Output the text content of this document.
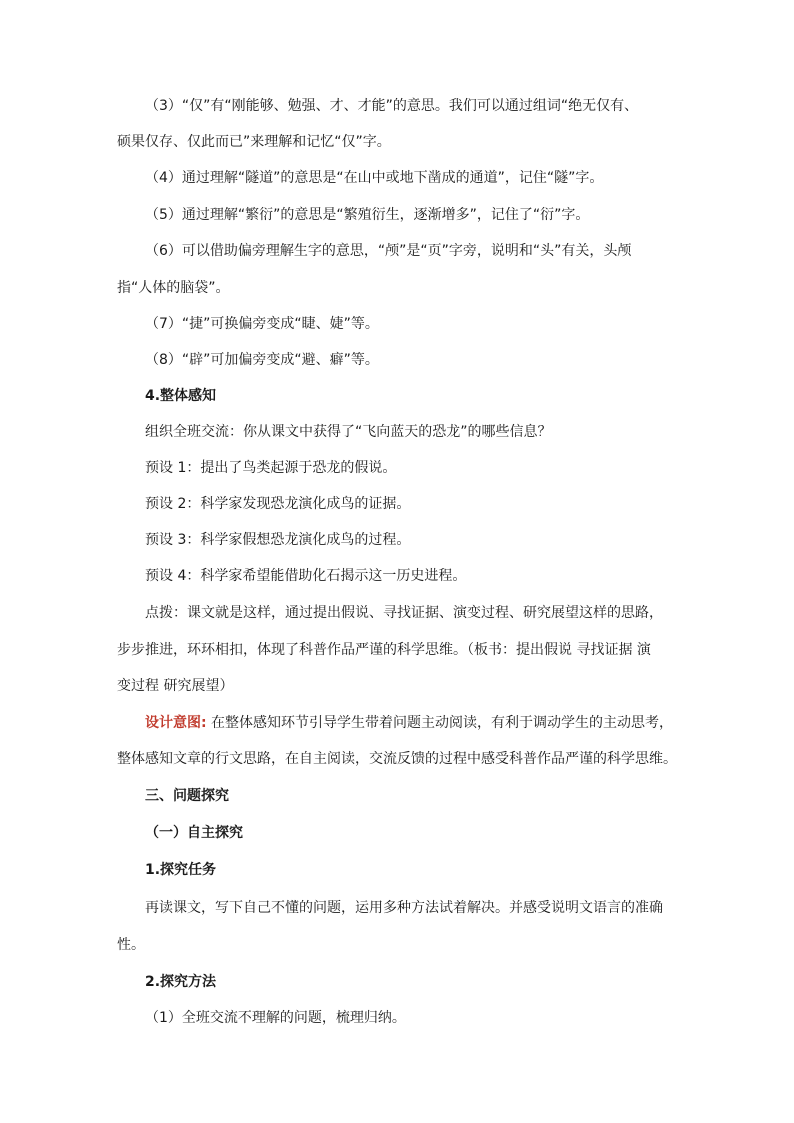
（3）“仅”有“刚能够、勉强、才、才能”的意思。我们可以通过组词“绝无仅有、
硕果仅存、仅此而已”来理解和记忆“仅”字。
（4）通过理解“隧道”的意思是“在山中或地下凿成的通道”，记住“隧”字。
（5）通过理解“繁衍”的意思是“繁殖衍生，逐渐增多”，记住了“衍”字。
（6）可以借助偏旁理解生字的意思，“颅”是“页”字旁，说明和“头”有关，头颅
指“人体的脑袋”。
（7）“捷”可换偏旁变成“睫、婕”等。
（8）“辟”可加偏旁变成“避、癖”等。
4.整体感知
组织全班交流：你从课文中获得了“飞向蓝天的恐龙”的哪些信息？
预设 1：提出了鸟类起源于恐龙的假说。
预设 2：科学家发现恐龙演化成鸟的证据。
预设 3：科学家假想恐龙演化成鸟的过程。
预设 4：科学家希望能借助化石揭示这一历史进程。
点拨：课文就是这样，通过提出假说、寻找证据、演变过程、研究展望这样的思路，
步步推进，环环相扣，体现了科普作品严谨的科学思维。（板书：提出假说 寻找证据 演
变过程 研究展望）
设计意图: 在整体感知环节引导学生带着问题主动阅读，有利于调动学生的主动思考，
整体感知文章的行文思路，在自主阅读，交流反馈的过程中感受科普作品严谨的科学思维。
三、问题探究
（一）自主探究
1.探究任务
再读课文，写下自己不懂的问题，运用多种方法试着解决。并感受说明文语言的准确
性。
2.探究方法
（1）全班交流不理解的问题，梳理归纳。
